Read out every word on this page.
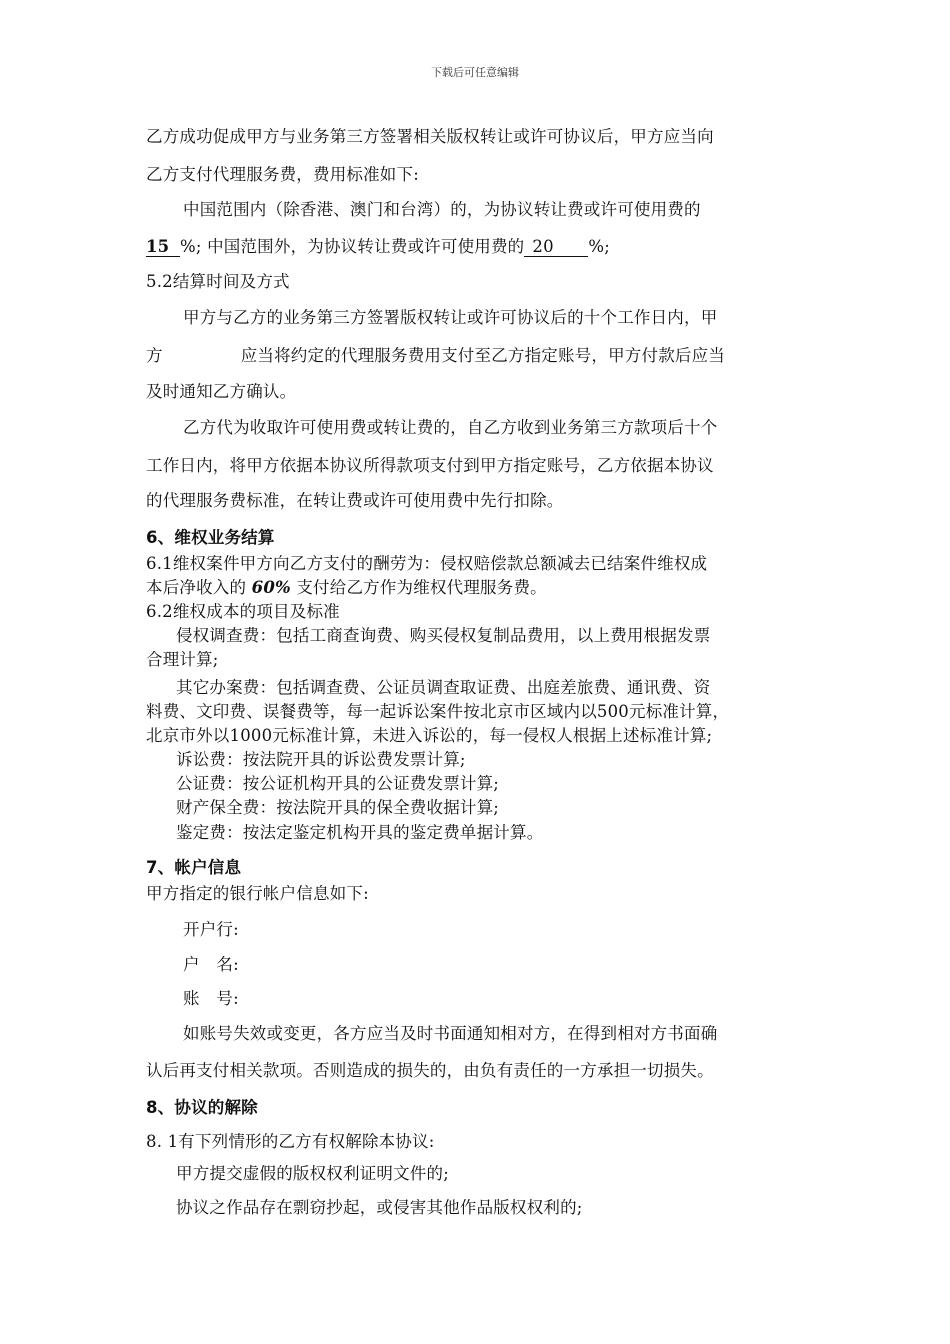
下载后可任意编辑
乙方成功促成甲方与业务第三方签署相关版权转让或许可协议后，甲方应当向
乙方支付代理服务费，费用标准如下:
中国范围内（除香港、澳门和台湾）的，为协议转让费或许可使用费的
15 %; 中国范围外，为协议转让费或许可使用费的 20 %;
5.2结算时间及方式
甲方与乙方的业务第三方签署版权转让或许可协议后的十个工作日内，甲
方	应当将约定的代理服务费用支付至乙方指定账号，甲方付款后应当
及时通知乙方确认。
乙方代为收取许可使用费或转让费的，自乙方收到业务第三方款项后十个
工作日内，将甲方依据本协议所得款项支付到甲方指定账号，乙方依据本协议
的代理服务费标准，在转让费或许可使用费中先行扣除。
6、维权业务结算
6.1维权案件甲方向乙方支付的酬劳为：侵权赔偿款总额减去已结案件维权成
本后净收入的 60% 支付给乙方作为维权代理服务费。
6.2维权成本的项目及标准
侵权调查费：包括工商查询费、购买侵权复制品费用，以上费用根据发票
合理计算;
其它办案费：包括调查费、公证员调查取证费、出庭差旅费、通讯费、资
料费、文印费、误餐费等，每一起诉讼案件按北京市区域内以500元标准计算，
北京市外以1000元标准计算，未进入诉讼的，每一侵权人根据上述标准计算;
诉讼费：按法院开具的诉讼费发票计算;
公证费：按公证机构开具的公证费发票计算;
财产保全费：按法院开具的保全费收据计算;
鉴定费：按法定鉴定机构开具的鉴定费单据计算。
7、帐户信息
甲方指定的银行帐户信息如下:
开户行:
户　名:
账　号:
如账号失效或变更，各方应当及时书面通知相对方，在得到相对方书面确
认后再支付相关款项。否则造成的损失的，由负有责任的一方承担一切损失。
8、协议的解除
8. 1有下列情形的乙方有权解除本协议:
甲方提交虚假的版权权利证明文件的;
协议之作品存在剽窃抄起，或侵害其他作品版权权利的;
